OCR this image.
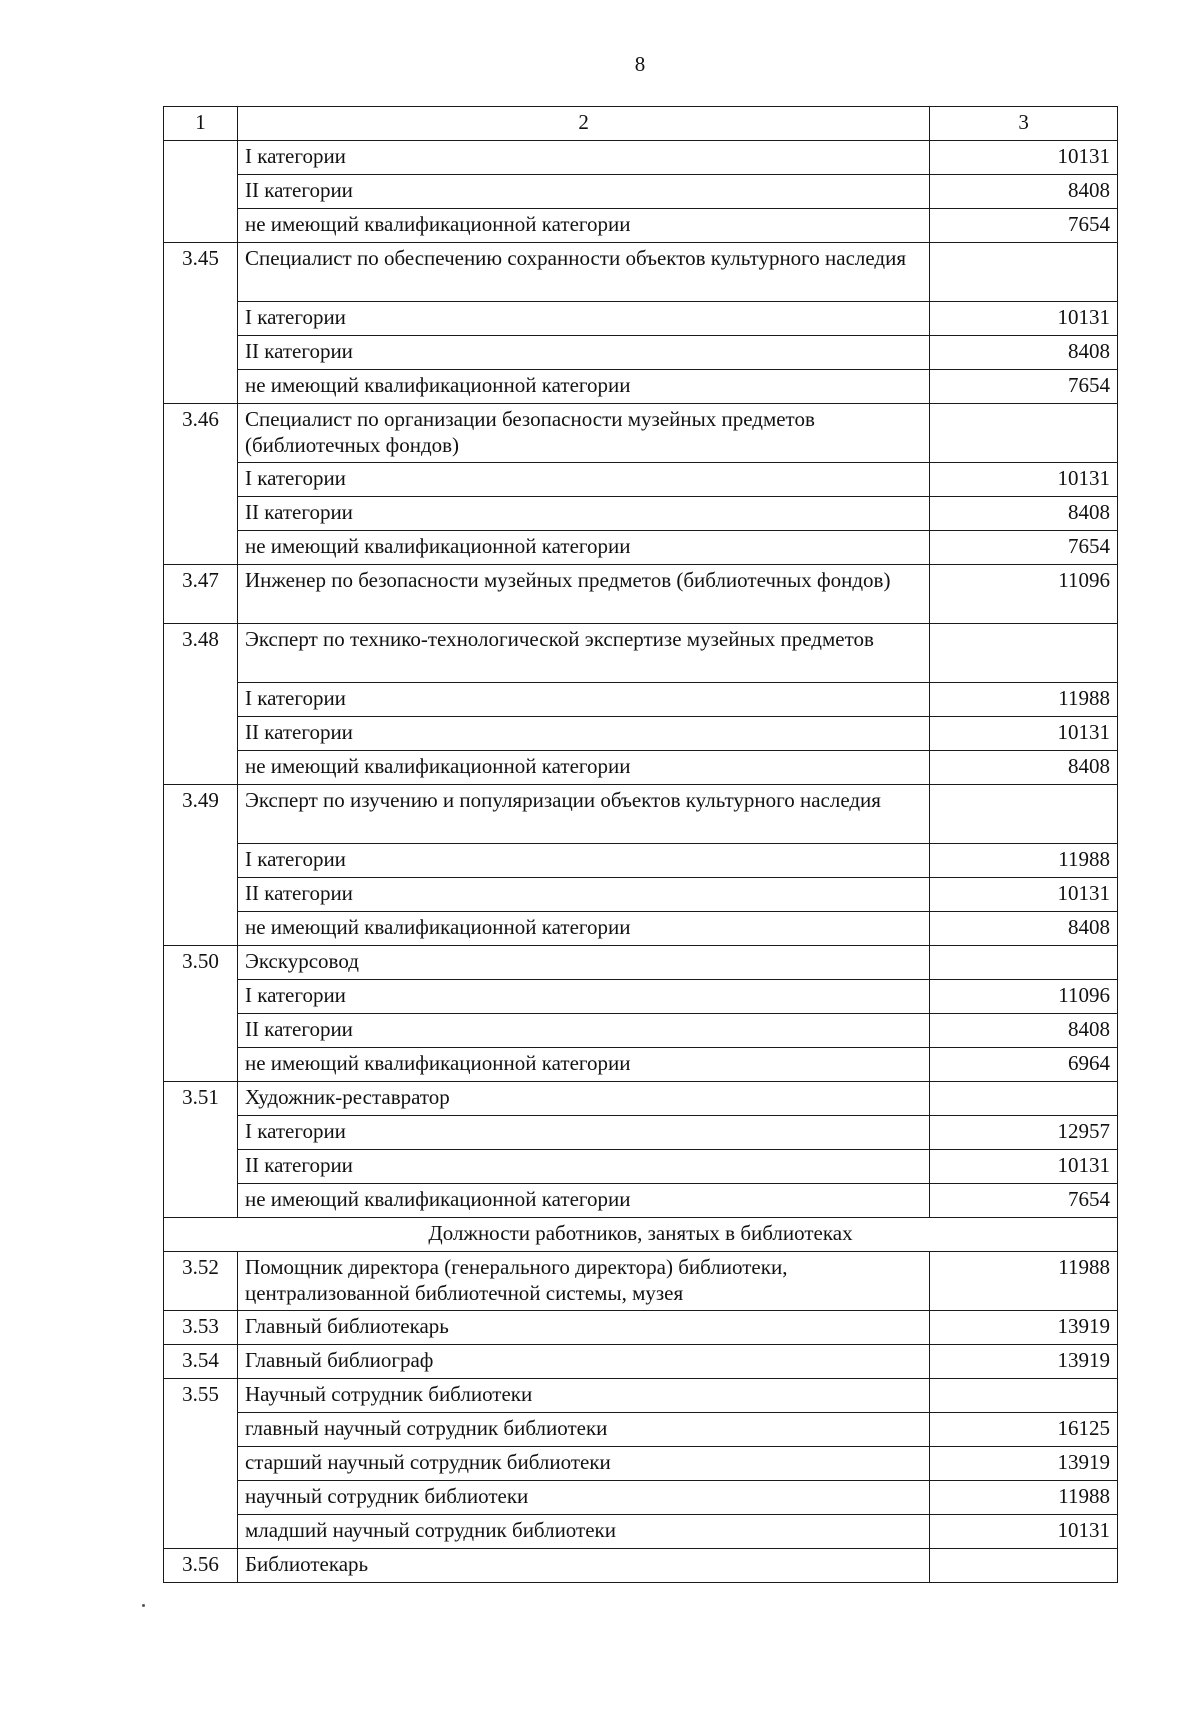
8
1	2	3
	I категории	10131
	II категории	8408
	не имеющий квалификационной категории	7654
3.45	Специалист по обеспечению сохранности объектов культурного наследия	
	I категории	10131
	II категории	8408
	не имеющий квалификационной категории	7654
3.46	Специалист по организации безопасности музейных предметов (библиотечных фондов)	
	I категории	10131
	II категории	8408
	не имеющий квалификационной категории	7654
3.47	Инженер по безопасности музейных предметов (библиотечных фондов)	11096
3.48	Эксперт по технико-технологической экспертизе музейных предметов	
	I категории	11988
	II категории	10131
	не имеющий квалификационной категории	8408
3.49	Эксперт по изучению и популяризации объектов культурного наследия	
	I категории	11988
	II категории	10131
	не имеющий квалификационной категории	8408
3.50	Экскурсовод	
	I категории	11096
	II категории	8408
	не имеющий квалификационной категории	6964
3.51	Художник-реставратор	
	I категории	12957
	II категории	10131
	не имеющий квалификационной категории	7654
Должности работников, занятых в библиотеках		
3.52	Помощник директора (генерального директора) библиотеки, централизованной библиотечной системы, музея	11988
3.53	Главный библиотекарь	13919
3.54	Главный библиограф	13919
3.55	Научный сотрудник библиотеки	
	главный научный сотрудник библиотеки	16125
	старший научный сотрудник библиотеки	13919
	научный сотрудник библиотеки	11988
	младший научный сотрудник библиотеки	10131
3.56	Библиотекарь	
